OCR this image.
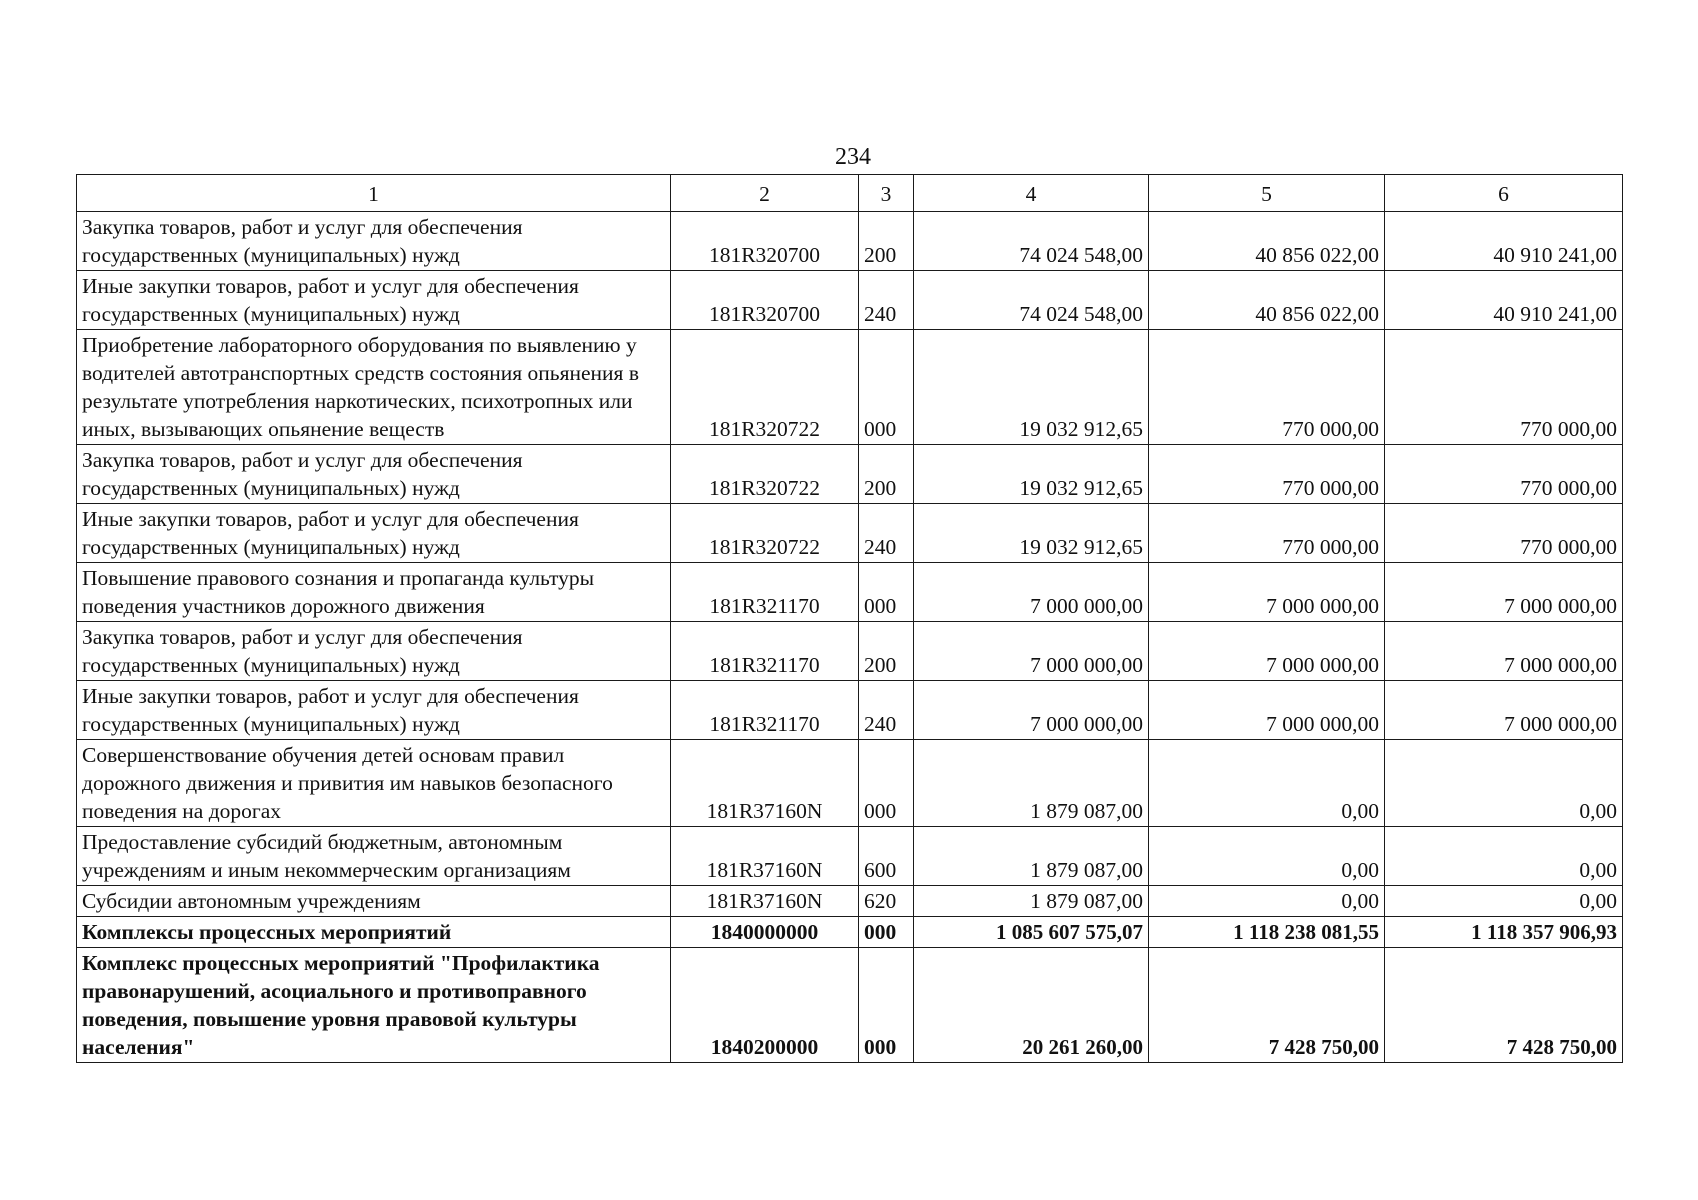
234
1	2	3	4	5	6
Закупка товаров, работ и услуг для обеспечения государственных (муниципальных) нужд	181R320700	200	74 024 548,00	40 856 022,00	40 910 241,00
Иные закупки товаров, работ и услуг для обеспечения государственных (муниципальных) нужд	181R320700	240	74 024 548,00	40 856 022,00	40 910 241,00
Приобретение лабораторного оборудования по выявлению у водителей автотранспортных средств состояния опьянения в результате употребления наркотических, психотропных или иных, вызывающих опьянение веществ	181R320722	000	19 032 912,65	770 000,00	770 000,00
Закупка товаров, работ и услуг для обеспечения государственных (муниципальных) нужд	181R320722	200	19 032 912,65	770 000,00	770 000,00
Иные закупки товаров, работ и услуг для обеспечения государственных (муниципальных) нужд	181R320722	240	19 032 912,65	770 000,00	770 000,00
Повышение правового сознания и пропаганда культуры поведения участников дорожного движения	181R321170	000	7 000 000,00	7 000 000,00	7 000 000,00
Закупка товаров, работ и услуг для обеспечения государственных (муниципальных) нужд	181R321170	200	7 000 000,00	7 000 000,00	7 000 000,00
Иные закупки товаров, работ и услуг для обеспечения государственных (муниципальных) нужд	181R321170	240	7 000 000,00	7 000 000,00	7 000 000,00
Совершенствование обучения детей основам правил дорожного движения и привития им навыков безопасного поведения на дорогах	181R37160N	000	1 879 087,00	0,00	0,00
Предоставление субсидий бюджетным, автономным учреждениям и иным некоммерческим организациям	181R37160N	600	1 879 087,00	0,00	0,00
Субсидии автономным учреждениям	181R37160N	620	1 879 087,00	0,00	0,00
Комплексы процессных мероприятий	1840000000	000	1 085 607 575,07	1 118 238 081,55	1 118 357 906,93
Комплекс процессных мероприятий "Профилактика правонарушений, асоциального и противоправного поведения, повышение уровня правовой культуры населения"	1840200000	000	20 261 260,00	7 428 750,00	7 428 750,00
